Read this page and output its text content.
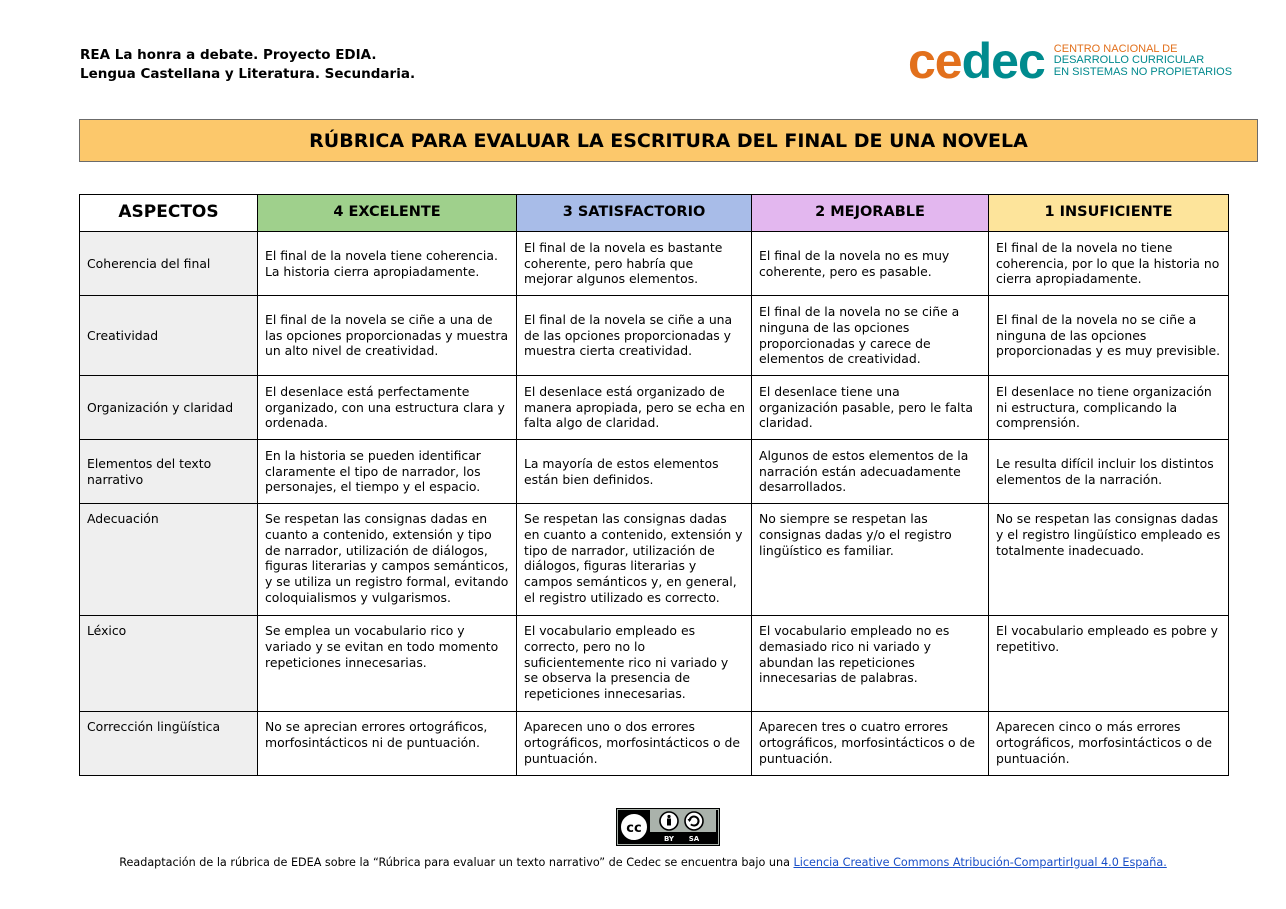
REA La honra a debate. Proyecto EDIA.
Lengua Castellana y Literatura. Secundaria.	cedec CENTRO NACIONAL DE
DESARROLLO CURRICULAR
EN SISTEMAS NO PROPIETARIOS
RÚBRICA PARA EVALUAR LA ESCRITURA DEL FINAL DE UNA NOVELA
ASPECTOS	4 EXCELENTE	3 SATISFACTORIO	2 MEJORABLE	1 INSUFICIENTE
Coherencia del final	El final de la novela tiene coherencia. La historia cierra apropiadamente.	El final de la novela es bastante coherente, pero habría que mejorar algunos elementos.	El final de la novela no es muy coherente, pero es pasable.	El final de la novela no tiene coherencia, por lo que la historia no cierra apropiadamente.
Creatividad	El final de la novela se ciñe a una de las opciones proporcionadas y muestra un alto nivel de creatividad.	El final de la novela se ciñe a una de las opciones proporcionadas y muestra cierta creatividad.	El final de la novela no se ciñe a ninguna de las opciones proporcionadas y carece de elementos de creatividad.	El final de la novela no se ciñe a ninguna de las opciones proporcionadas y es muy previsible.
Organización y claridad	El desenlace está perfectamente organizado, con una estructura clara y ordenada.	El desenlace está organizado de manera apropiada, pero se echa en falta algo de claridad.	El desenlace tiene una organización pasable, pero le falta claridad.	El desenlace no tiene organización ni estructura, complicando la comprensión.
Elementos del texto narrativo	En la historia se pueden identificar claramente el tipo de narrador, los personajes, el tiempo y el espacio.	La mayoría de estos elementos están bien definidos.	Algunos de estos elementos de la narración están adecuadamente desarrollados.	Le resulta difícil incluir los distintos elementos de la narración.
Adecuación	Se respetan las consignas dadas en cuanto a contenido, extensión y tipo de narrador, utilización de diálogos, figuras literarias y campos semánticos, y se utiliza un registro formal, evitando coloquialismos y vulgarismos.	Se respetan las consignas dadas en cuanto a contenido, extensión y tipo de narrador, utilización de diálogos, figuras literarias y campos semánticos y, en general, el registro utilizado es correcto.	No siempre se respetan las consignas dadas y/o el registro lingüístico es familiar.	No se respetan las consignas dadas y el registro lingüístico empleado es totalmente inadecuado.
Léxico	Se emplea un vocabulario rico y variado y se evitan en todo momento repeticiones innecesarias.	El vocabulario empleado es correcto, pero no lo suficientemente rico ni variado y se observa la presencia de repeticiones innecesarias.	El vocabulario empleado no es demasiado rico ni variado y abundan las repeticiones innecesarias de palabras.	El vocabulario empleado es pobre y repetitivo.
Corrección lingüística	No se aprecian errores ortográficos, morfosintácticos ni de puntuación.	Aparecen uno o dos errores ortográficos, morfosintácticos o de puntuación.	Aparecen tres o cuatro errores ortográficos, morfosintácticos o de puntuación.	Aparecen cinco o más errores ortográficos, morfosintácticos o de puntuación.
cc
BY SA
Readaptación de la rúbrica de EDEA sobre la “Rúbrica para evaluar un texto narrativo” de Cedec se encuentra bajo una Licencia Creative Commons Atribución-CompartirIgual 4.0 España.
